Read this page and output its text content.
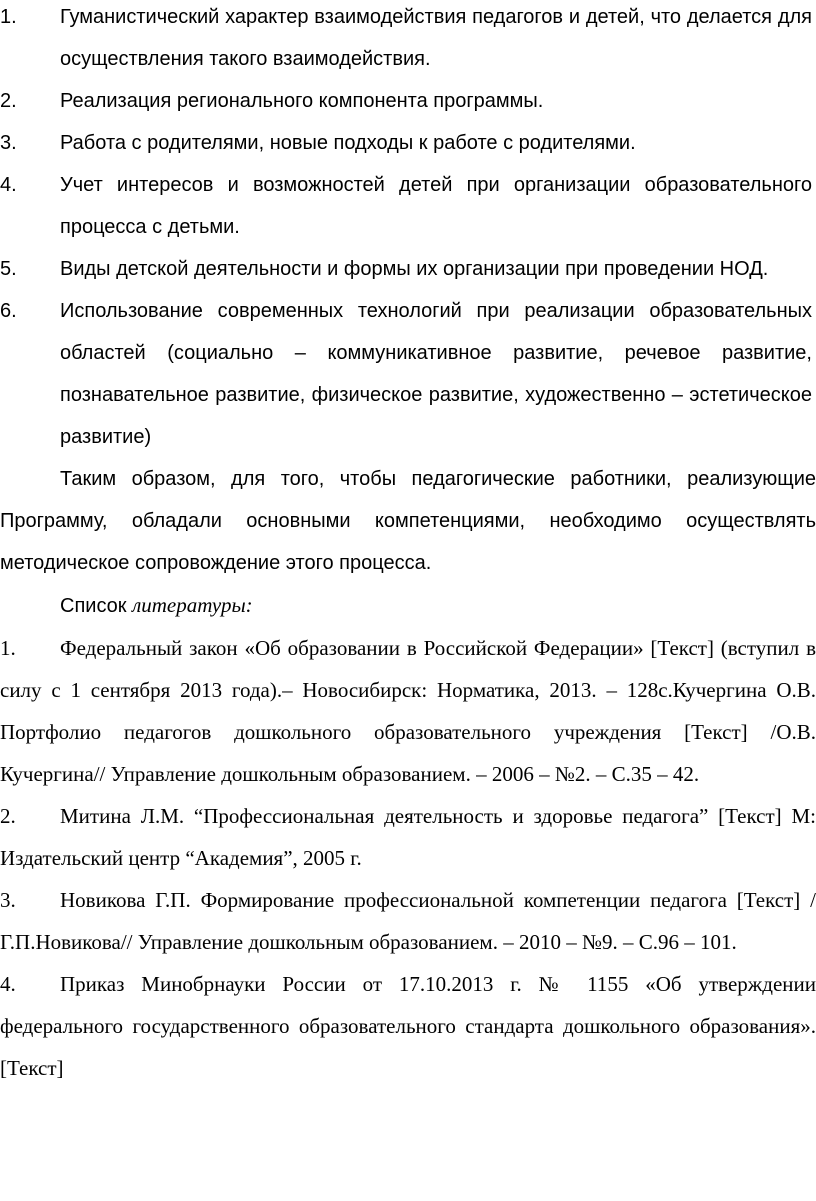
1. Гуманистический характер взаимодействия педагогов и детей, что делается для осуществления такого взаимодействия.
2. Реализация регионального компонента программы.
3. Работа с родителями, новые подходы к работе с родителями.
4. Учет интересов и возможностей детей при организации образовательного процесса с детьми.
5. Виды детской деятельности и формы их организации при проведении НОД.
6. Использование современных технологий при реализации образовательных областей (социально – коммуникативное развитие, речевое развитие, познавательное развитие, физическое развитие, художественно – эстетическое развитие)

Таким образом, для того, чтобы педагогические работники, реализующие Программу, обладали основными компетенциями, необходимо осуществлять методическое сопровождение этого процесса.

Список литературы:

1. Федеральный закон «Об образовании в Российской Федерации» [Текст] (вступил в силу с 1 сентября 2013 года).– Новосибирск: Норматика, 2013. – 128с.Кучергина О.В. Портфолио педагогов дошкольного образовательного учреждения [Текст] /О.В. Кучергина// Управление дошкольным образованием. – 2006 – №2. – С.35 – 42.

2. Митина Л.М. “Профессиональная деятельность и здоровье педагога” [Текст] М: Издательский центр “Академия”, 2005 г.

3. Новикова Г.П. Формирование профессиональной компетенции педагога [Текст] / Г.П.Новикова// Управление дошкольным образованием. – 2010 – №9. – С.96 – 101.

4. Приказ Минобрнауки России от 17.10.2013 г. № 1155 «Об утверждении федерального государственного образовательного стандарта дошкольного образования». [Текст]
